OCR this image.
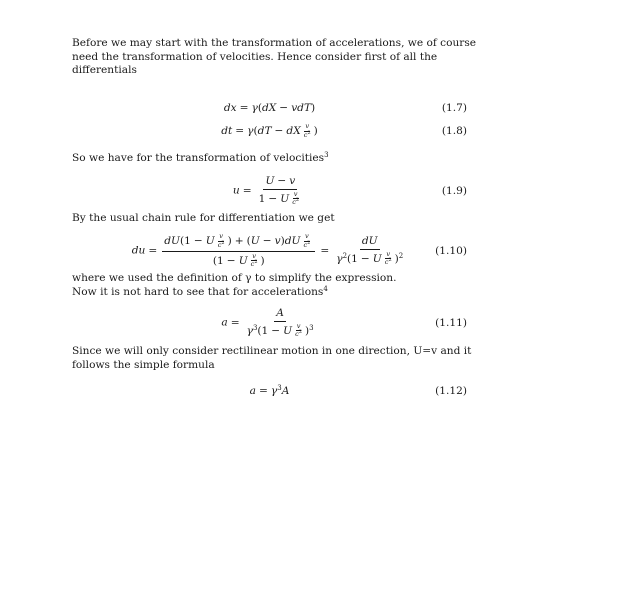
Before we may start with the transformation of accelerations, we of course need the transformation of velocities. Hence consider first of all the differentials

dx = γ(dX − vdT)	(1.7)
dt = γ(dT − dX $\frac{v}{c^2}$ )	(1.8)

So we have for the transformation of velocities$^3$

$u = \frac{U - v}{1 - U \frac{v}{c^2}}$	(1.9)

By the usual chain rule for differentiation we get

du = $\frac{dU(1 - U \frac{v}{c^2} ) + (U - v)dU \frac{v}{c^2}}{(1 - U \frac{v}{c^2} )} = \frac{dU}{\gamma^2(1 - U \frac{v}{c^2} )^2}$	(1.10)

where we used the definition of γ to simplify the expression.
Now it is not hard to see that for accelerations$^4$

$a = \frac{A}{\gamma^3(1 - U \frac{v}{c^2} )^3}$	(1.11)

Since we will only consider rectilinear motion in one direction, U=v and it follows the simple formula

$a = \gamma^3A$	(1.12)
